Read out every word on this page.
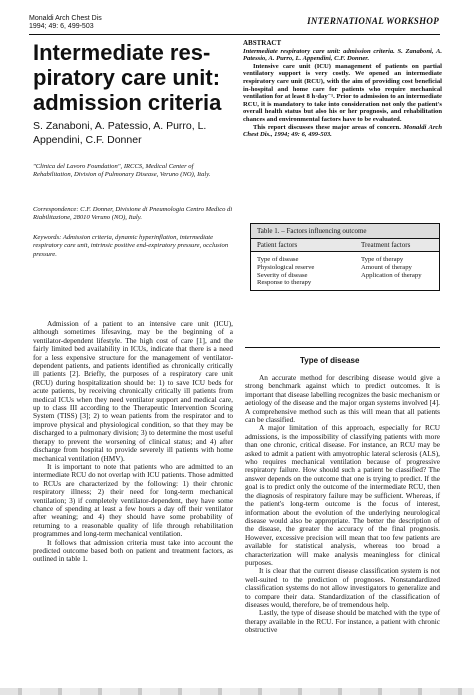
Monaldi Arch Chest Dis
1994; 49: 6, 499-503
INTERNATIONAL WORKSHOP
Intermediate res-piratory care unit: admission criteria
S. Zanaboni, A. Patessio, A. Purro, L. Appendini, C.F. Donner
"Clinica del Lavoro Foundation", IRCCS, Medical Center of Rehabilitation, Division of Pulmonary Disease, Veruno (NO), Italy.
Correspondence: C.F. Donner, Divisione di Pneumologia Centro Medico di Riabilitazione, 28010 Veruno (NO), Italy.
Keywords: Admission criteria, dynamic hyperinflation, intermediate respiratory care unit, intrinsic positive end-expiratory pressure, occlusion pressure.
ABSTRACT

Intermediate respiratory care unit: admission criteria. S. Zanaboni, A. Patessio, A. Purro, L. Appendini, C.F. Donner.

Intensive care unit (ICU) management of patients on partial ventilatory support is very costly. We opened an intermediate respiratory care unit (RCU), with the aim of providing cost beneficial in-hospital and home care for patients who require mechanical ventilation for at least 8 h·day⁻¹. Prior to admission to an intermediate RCU, it is mandatory to take into consideration not only the patient's overall health status but also his or her prognosis, and rehabilitation chances and environmental factors have to be evaluated.

This report discusses these major areas of concern. Monaldi Arch Chest Dis., 1994; 49: 6, 499-503.

Table 1. – Factors influencing outcome
Patient factors	Treatment factors
Type of disease	Type of therapy
Physiological reserve	Amount of therapy
Severity of disease	Application of therapy
Response to therapy
Type of disease

Admission of a patient to an intensive care unit (ICU), although sometimes lifesaving, may be the beginning of a ventilator-dependent lifestyle. The high cost of care [1], and the fairly limited bed availability in ICUs, indicate that there is a need for a less expensive structure for the management of ventilator-dependent patients, and patients identified as chronically critically ill patients [2]. Briefly, the purposes of a respiratory care unit (RCU) during hospitalization should be: 1) to save ICU beds for acute patients, by receiving chronically critically ill patients from medical ICUs when they need ventilator support and medical care, up to class III according to the Therapeutic Intervention Scoring System (TISS) [3]; 2) to wean patients from the respirator and to improve physical and physiological condition, so that they may be discharged to a pulmonary division; 3) to determine the most useful therapy to prevent the worsening of clinical status; and 4) after discharge from hospital to provide severely ill patients with home mechanical ventilation (HMV).

It is important to note that patients who are admitted to an intermediate RCU do not overlap with ICU patients. Those admitted to RCUs are characterized by the following: 1) their chronic respiratory illness; 2) their need for long-term mechanical ventilation; 3) if completely ventilator-dependent, they have some chance of spending at least a few hours a day off their ventilator after weaning; and 4) they should have some probability of returning to a reasonable quality of life through rehabilitation programmes and long-term mechanical ventilation.

It follows that admission criteria must take into account the predicted outcome based both on patient and treatment factors, as outlined in table 1.

An accurate method for describing disease would give a strong benchmark against which to predict outcomes. It is important that disease labelling recognizes the basic mechanism or aetiology of the disease and the major organ systems involved [4]. A comprehensive method such as this will mean that all patients can be classified.

A major limitation of this approach, especially for RCU admissions, is the impossibility of classifying patients with more than one chronic, critical disease. For instance, an RCU may be asked to admit a patient with amyotrophic lateral sclerosis (ALS), who requires mechanical ventilation because of progressive respiratory failure. How should such a patient be classified? The answer depends on the outcome that one is trying to predict. If the goal is to predict only the outcome of the intermediate RCU, then the diagnosis of respiratory failure may be sufficient. Whereas, if the patient's long-term outcome is the focus of interest, information about the evolution of the underlying neurological disease would also be appropriate. The better the description of the disease, the greater the accuracy of the final prognosis. However, excessive precision will mean that too few patients are available for statistical analysis, whereas too broad a characterization will make analysis meaningless for clinical purposes.

It is clear that the current disease classification system is not well-suited to the prediction of prognoses. Nonstandardized classification systems do not allow investigators to generalize and to compare their data. Standardization of the classification of diseases would, therefore, be of tremendous help.

Lastly, the type of disease should be matched with the type of therapy available in the RCU. For instance, a patient with chronic obstructive
